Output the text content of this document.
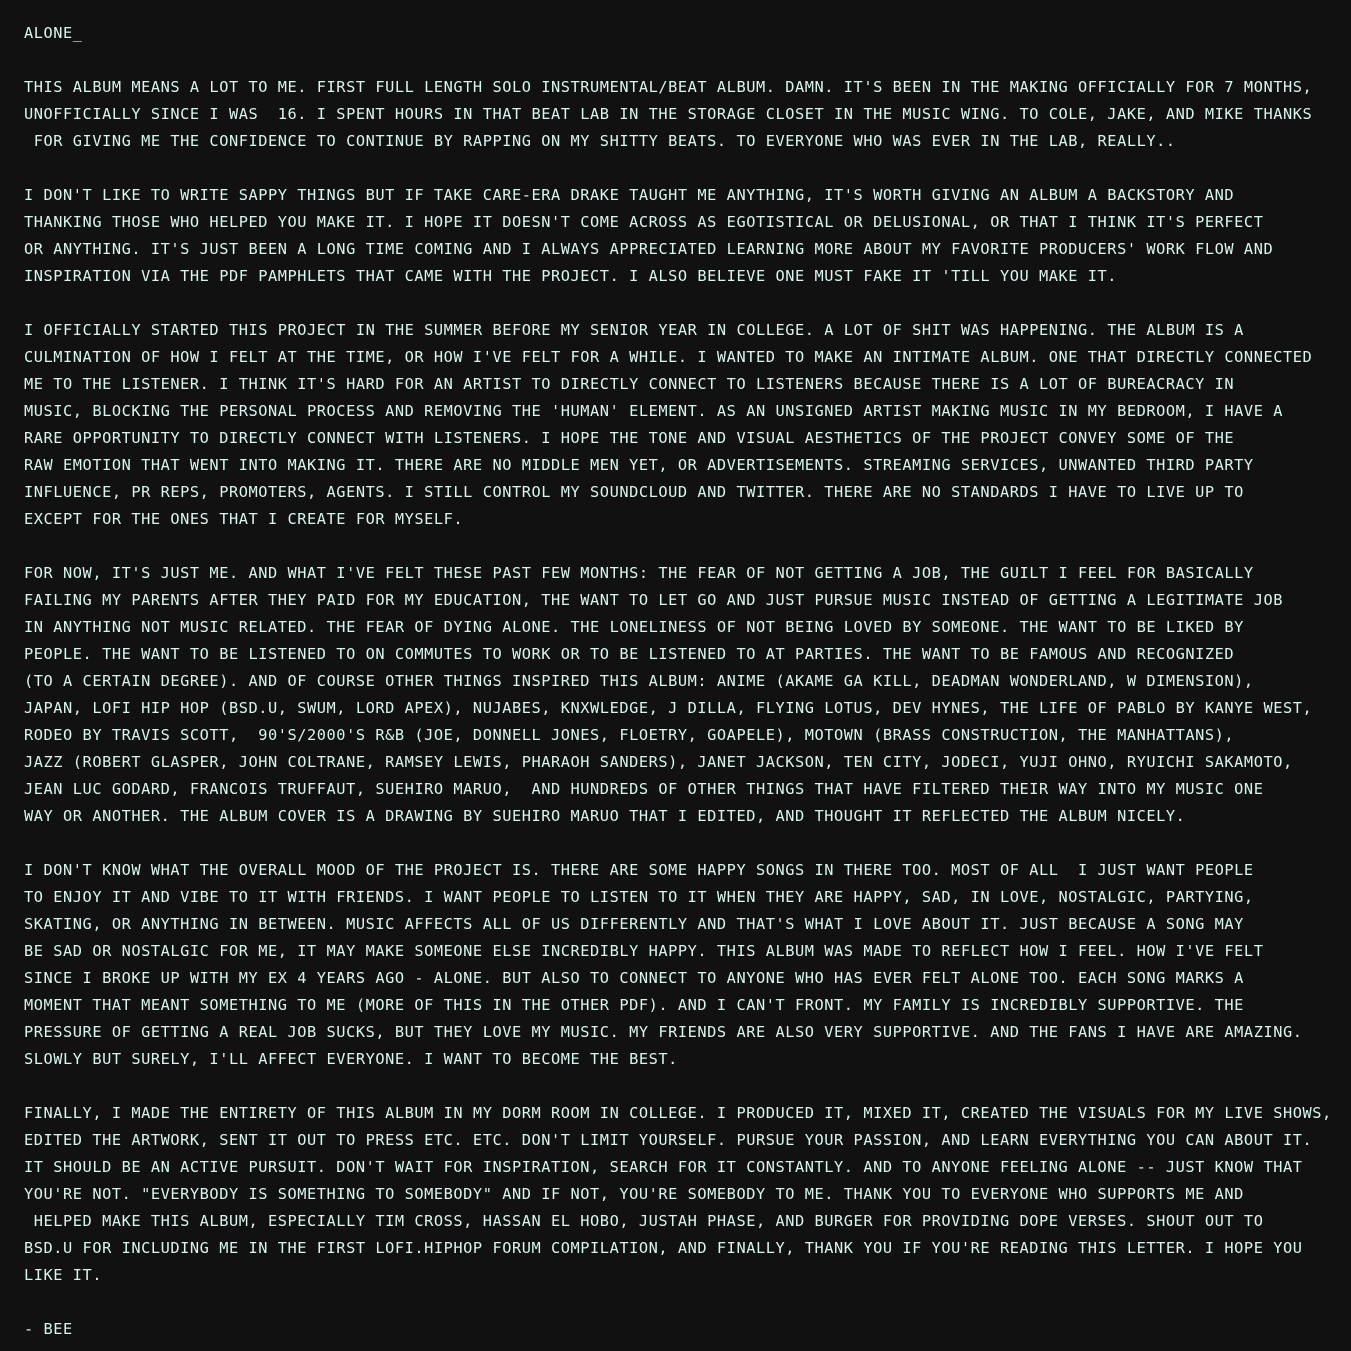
ALONE_
THIS ALBUM MEANS A LOT TO ME. FIRST FULL LENGTH SOLO INSTRUMENTAL/BEAT ALBUM. DAMN. IT'S BEEN IN THE MAKING OFFICIALLY FOR 7 MONTHS,
UNOFFICIALLY SINCE I WAS  16. I SPENT HOURS IN THAT BEAT LAB IN THE STORAGE CLOSET IN THE MUSIC WING. TO COLE, JAKE, AND MIKE THANKS
FOR GIVING ME THE CONFIDENCE TO CONTINUE BY RAPPING ON MY SHITTY BEATS. TO EVERYONE WHO WAS EVER IN THE LAB, REALLY..
I DON'T LIKE TO WRITE SAPPY THINGS BUT IF TAKE CARE-ERA DRAKE TAUGHT ME ANYTHING, IT'S WORTH GIVING AN ALBUM A BACKSTORY AND
THANKING THOSE WHO HELPED YOU MAKE IT. I HOPE IT DOESN'T COME ACROSS AS EGOTISTICAL OR DELUSIONAL, OR THAT I THINK IT'S PERFECT
OR ANYTHING. IT'S JUST BEEN A LONG TIME COMING AND I ALWAYS APPRECIATED LEARNING MORE ABOUT MY FAVORITE PRODUCERS' WORK FLOW AND
INSPIRATION VIA THE PDF PAMPHLETS THAT CAME WITH THE PROJECT. I ALSO BELIEVE ONE MUST FAKE IT 'TILL YOU MAKE IT.
I OFFICIALLY STARTED THIS PROJECT IN THE SUMMER BEFORE MY SENIOR YEAR IN COLLEGE. A LOT OF SHIT WAS HAPPENING. THE ALBUM IS A
CULMINATION OF HOW I FELT AT THE TIME, OR HOW I'VE FELT FOR A WHILE. I WANTED TO MAKE AN INTIMATE ALBUM. ONE THAT DIRECTLY CONNECTED
ME TO THE LISTENER. I THINK IT'S HARD FOR AN ARTIST TO DIRECTLY CONNECT TO LISTENERS BECAUSE THERE IS A LOT OF BUREACRACY IN
MUSIC, BLOCKING THE PERSONAL PROCESS AND REMOVING THE 'HUMAN' ELEMENT. AS AN UNSIGNED ARTIST MAKING MUSIC IN MY BEDROOM, I HAVE A
RARE OPPORTUNITY TO DIRECTLY CONNECT WITH LISTENERS. I HOPE THE TONE AND VISUAL AESTHETICS OF THE PROJECT CONVEY SOME OF THE
RAW EMOTION THAT WENT INTO MAKING IT. THERE ARE NO MIDDLE MEN YET, OR ADVERTISEMENTS. STREAMING SERVICES, UNWANTED THIRD PARTY
INFLUENCE, PR REPS, PROMOTERS, AGENTS. I STILL CONTROL MY SOUNDCLOUD AND TWITTER. THERE ARE NO STANDARDS I HAVE TO LIVE UP TO
EXCEPT FOR THE ONES THAT I CREATE FOR MYSELF.
FOR NOW, IT'S JUST ME. AND WHAT I'VE FELT THESE PAST FEW MONTHS: THE FEAR OF NOT GETTING A JOB, THE GUILT I FEEL FOR BASICALLY
FAILING MY PARENTS AFTER THEY PAID FOR MY EDUCATION, THE WANT TO LET GO AND JUST PURSUE MUSIC INSTEAD OF GETTING A LEGITIMATE JOB
IN ANYTHING NOT MUSIC RELATED. THE FEAR OF DYING ALONE. THE LONELINESS OF NOT BEING LOVED BY SOMEONE. THE WANT TO BE LIKED BY
PEOPLE. THE WANT TO BE LISTENED TO ON COMMUTES TO WORK OR TO BE LISTENED TO AT PARTIES. THE WANT TO BE FAMOUS AND RECOGNIZED
(TO A CERTAIN DEGREE). AND OF COURSE OTHER THINGS INSPIRED THIS ALBUM: ANIME (AKAME GA KILL, DEADMAN WONDERLAND, W DIMENSION),
JAPAN, LOFI HIP HOP (BSD.U, SWUM, LORD APEX), NUJABES, KNXWLEDGE, J DILLA, FLYING LOTUS, DEV HYNES, THE LIFE OF PABLO BY KANYE WEST,
RODEO BY TRAVIS SCOTT,  90'S/2000'S R&B (JOE, DONNELL JONES, FLOETRY, GOAPELE), MOTOWN (BRASS CONSTRUCTION, THE MANHATTANS),
JAZZ (ROBERT GLASPER, JOHN COLTRANE, RAMSEY LEWIS, PHARAOH SANDERS), JANET JACKSON, TEN CITY, JODECI, YUJI OHNO, RYUICHI SAKAMOTO,
JEAN LUC GODARD, FRANCOIS TRUFFAUT, SUEHIRO MARUO,  AND HUNDREDS OF OTHER THINGS THAT HAVE FILTERED THEIR WAY INTO MY MUSIC ONE
WAY OR ANOTHER. THE ALBUM COVER IS A DRAWING BY SUEHIRO MARUO THAT I EDITED, AND THOUGHT IT REFLECTED THE ALBUM NICELY.
I DON'T KNOW WHAT THE OVERALL MOOD OF THE PROJECT IS. THERE ARE SOME HAPPY SONGS IN THERE TOO. MOST OF ALL  I JUST WANT PEOPLE
TO ENJOY IT AND VIBE TO IT WITH FRIENDS. I WANT PEOPLE TO LISTEN TO IT WHEN THEY ARE HAPPY, SAD, IN LOVE, NOSTALGIC, PARTYING,
SKATING, OR ANYTHING IN BETWEEN. MUSIC AFFECTS ALL OF US DIFFERENTLY AND THAT'S WHAT I LOVE ABOUT IT. JUST BECAUSE A SONG MAY
BE SAD OR NOSTALGIC FOR ME, IT MAY MAKE SOMEONE ELSE INCREDIBLY HAPPY. THIS ALBUM WAS MADE TO REFLECT HOW I FEEL. HOW I'VE FELT
SINCE I BROKE UP WITH MY EX 4 YEARS AGO - ALONE. BUT ALSO TO CONNECT TO ANYONE WHO HAS EVER FELT ALONE TOO. EACH SONG MARKS A
MOMENT THAT MEANT SOMETHING TO ME (MORE OF THIS IN THE OTHER PDF). AND I CAN'T FRONT. MY FAMILY IS INCREDIBLY SUPPORTIVE. THE
PRESSURE OF GETTING A REAL JOB SUCKS, BUT THEY LOVE MY MUSIC. MY FRIENDS ARE ALSO VERY SUPPORTIVE. AND THE FANS I HAVE ARE AMAZING.
SLOWLY BUT SURELY, I'LL AFFECT EVERYONE. I WANT TO BECOME THE BEST.
FINALLY, I MADE THE ENTIRETY OF THIS ALBUM IN MY DORM ROOM IN COLLEGE. I PRODUCED IT, MIXED IT, CREATED THE VISUALS FOR MY LIVE SHOWS,
EDITED THE ARTWORK, SENT IT OUT TO PRESS ETC. ETC. DON'T LIMIT YOURSELF. PURSUE YOUR PASSION, AND LEARN EVERYTHING YOU CAN ABOUT IT.
IT SHOULD BE AN ACTIVE PURSUIT. DON'T WAIT FOR INSPIRATION, SEARCH FOR IT CONSTANTLY. AND TO ANYONE FEELING ALONE -- JUST KNOW THAT
YOU'RE NOT. "EVERYBODY IS SOMETHING TO SOMEBODY" AND IF NOT, YOU'RE SOMEBODY TO ME. THANK YOU TO EVERYONE WHO SUPPORTS ME AND
HELPED MAKE THIS ALBUM, ESPECIALLY TIM CROSS, HASSAN EL HOBO, JUSTAH PHASE, AND BURGER FOR PROVIDING DOPE VERSES. SHOUT OUT TO
BSD.U FOR INCLUDING ME IN THE FIRST LOFI.HIPHOP FORUM COMPILATION, AND FINALLY, THANK YOU IF YOU'RE READING THIS LETTER. I HOPE YOU
LIKE IT.
- BEE
